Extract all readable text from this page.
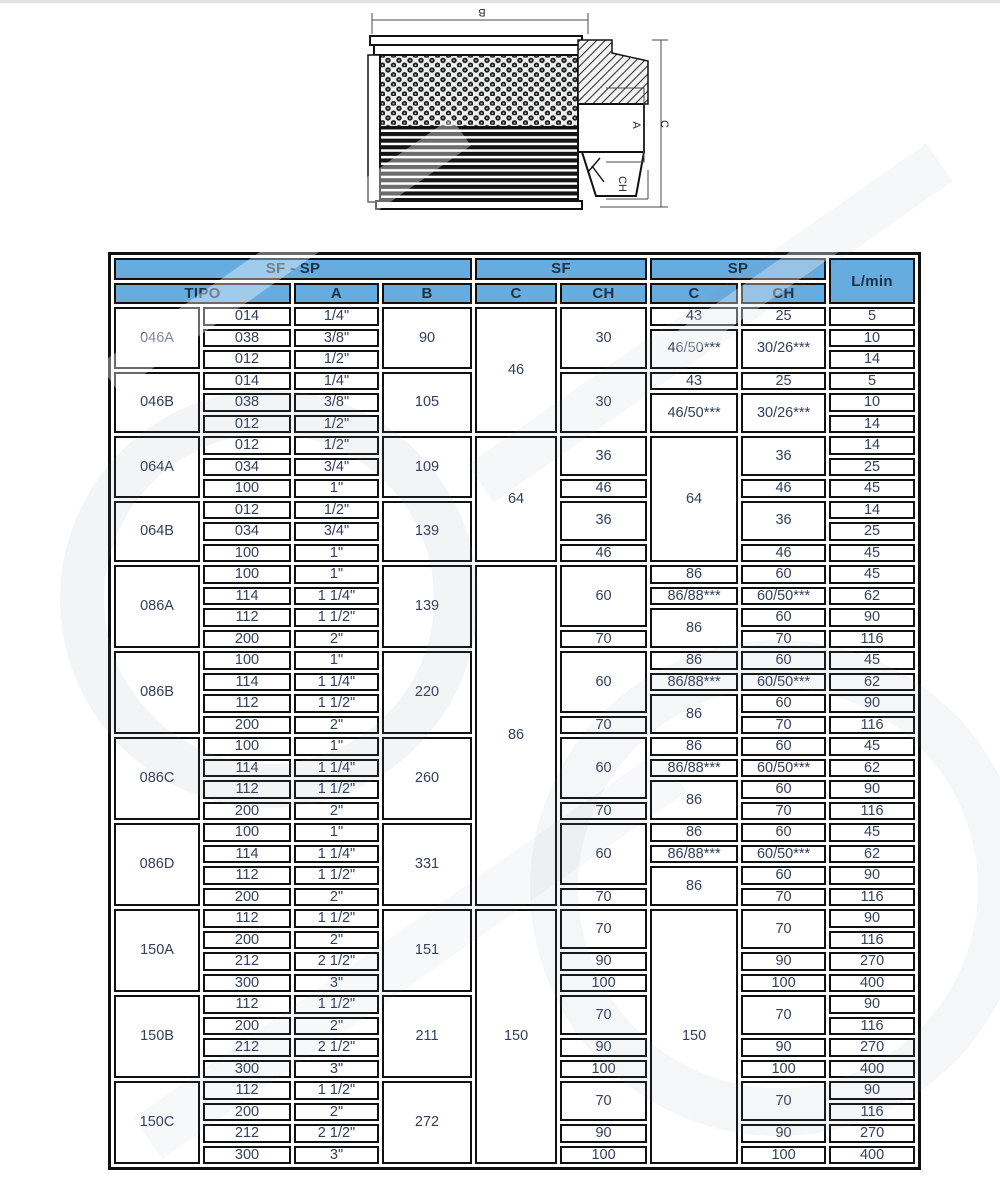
B
A C
CH
SF - SP				SF		SP		L/min
TIPO		A	B	C	CH	C	CH	
046A	014	1/4"	90	46	30	43	25	5
	038	3/8"				46/50***	30/26***	10
	012	1/2"						14
046B	014	1/4"	105		30	43	25	5
	038	3/8"				46/50***	30/26***	10
	012	1/2"						14
064A	012	1/2"	109	64	36	64	36	14
	034	3/4"						25
	100	1"			46		46	45
064B	012	1/2"	139		36		36	14
	034	3/4"						25
	100	1"			46		46	45
086A	100	1"	139	86	60	86	60	45
	114	1 1/4"				86/88***	60/50***	62
	112	1 1/2"				86	60	90
	200	2"			70		70	116
086B	100	1"	220		60	86	60	45
	114	1 1/4"				86/88***	60/50***	62
	112	1 1/2"				86	60	90
	200	2"			70		70	116
086C	100	1"	260		60	86	60	45
	114	1 1/4"				86/88***	60/50***	62
	112	1 1/2"				86	60	90
	200	2"			70		70	116
086D	100	1"	331		60	86	60	45
	114	1 1/4"				86/88***	60/50***	62
	112	1 1/2"				86	60	90
	200	2"			70		70	116
150A	112	1 1/2"	151	150	70	150	70	90
	200	2"						116
	212	2 1/2"			90		90	270
	300	3"			100		100	400
150B	112	1 1/2"	211		70		70	90
	200	2"						116
	212	2 1/2"			90		90	270
	300	3"			100		100	400
150C	112	1 1/2"	272		70		70	90
	200	2"						116
	212	2 1/2"			90		90	270
	300	3"			100		100	400
